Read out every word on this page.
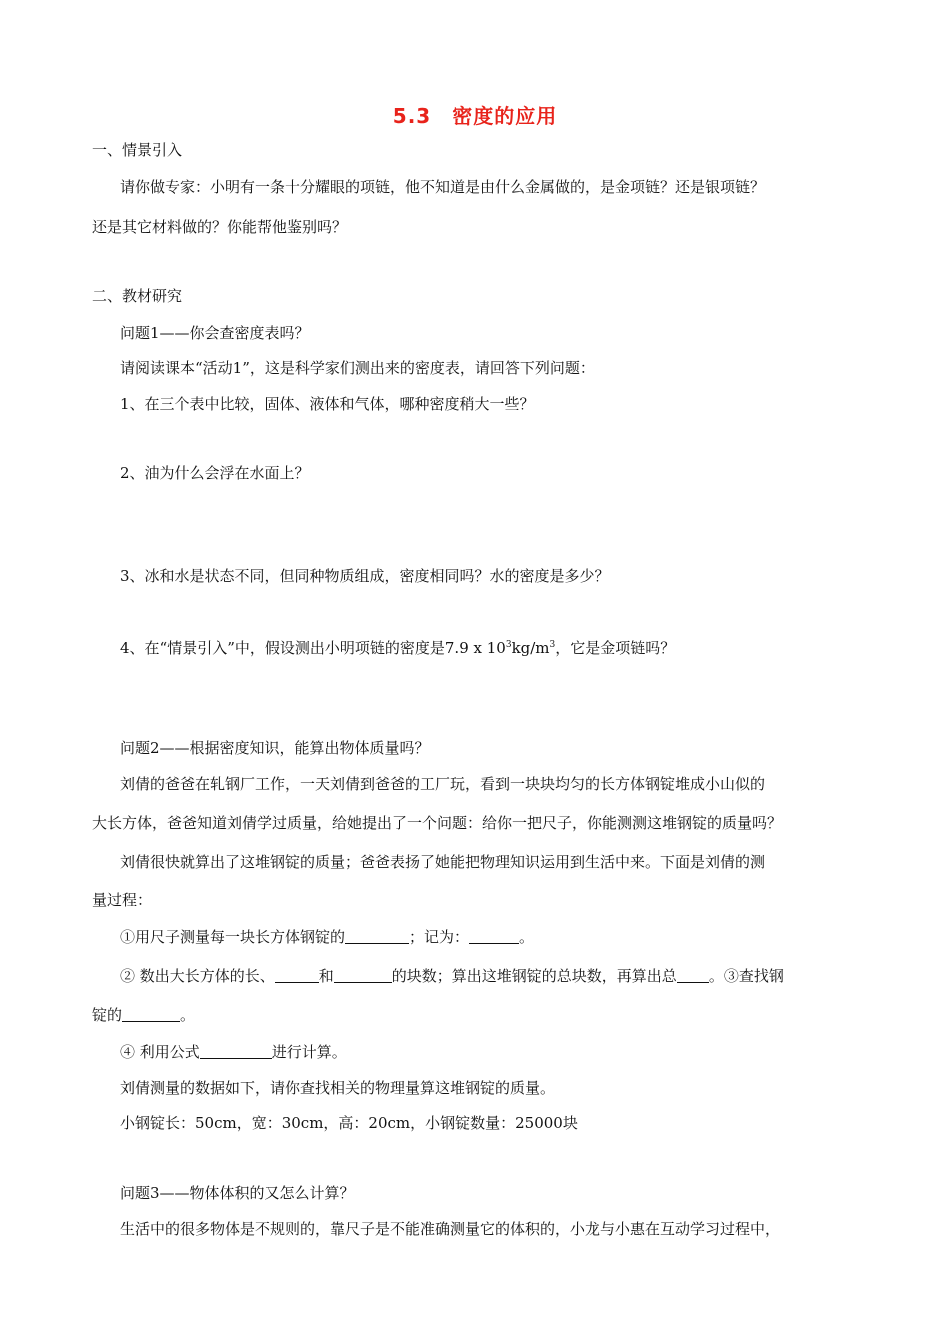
5.3　密度的应用
一、情景引入
请你做专家：小明有一条十分耀眼的项链，他不知道是由什么金属做的，是金项链？还是银项链？
还是其它材料做的？你能帮他鉴别吗？
二、教材研究
问题1——你会查密度表吗？
请阅读课本“活动1”，这是科学家们测出来的密度表，请回答下列问题：
1、在三个表中比较，固体、液体和气体，哪种密度稍大一些？
2、油为什么会浮在水面上？
3、冰和水是状态不同，但同种物质组成，密度相同吗？水的密度是多少？
4、在“情景引入”中，假设测出小明项链的密度是7.9 x $10^3kg/m^3$，它是金项链吗？
问题2——根据密度知识，能算出物体质量吗？
刘倩的爸爸在轧钢厂工作，一天刘倩到爸爸的工厂玩，看到一块块均匀的长方体钢锭堆成小山似的
大长方体，爸爸知道刘倩学过质量，给她提出了一个问题：给你一把尺子，你能测测这堆钢锭的质量吗？
刘倩很快就算出了这堆钢锭的质量；爸爸表扬了她能把物理知识运用到生活中来。下面是刘倩的测
量过程：
①用尺子测量每一块长方体钢锭的	；记为：	。
② 数出大长方体的长、	和	的块数；算出这堆钢锭的总块数，再算出总 。③查找钢
锭的	。
④ 利用公式	进行计算。
刘倩测量的数据如下，请你查找相关的物理量算这堆钢锭的质量。
小钢锭长：50cm，宽：30cm，高：20cm，小钢锭数量：25000块
问题3——物体体积的又怎么计算？
生活中的很多物体是不规则的，靠尺子是不能准确测量它的体积的，小龙与小惠在互动学习过程中，
